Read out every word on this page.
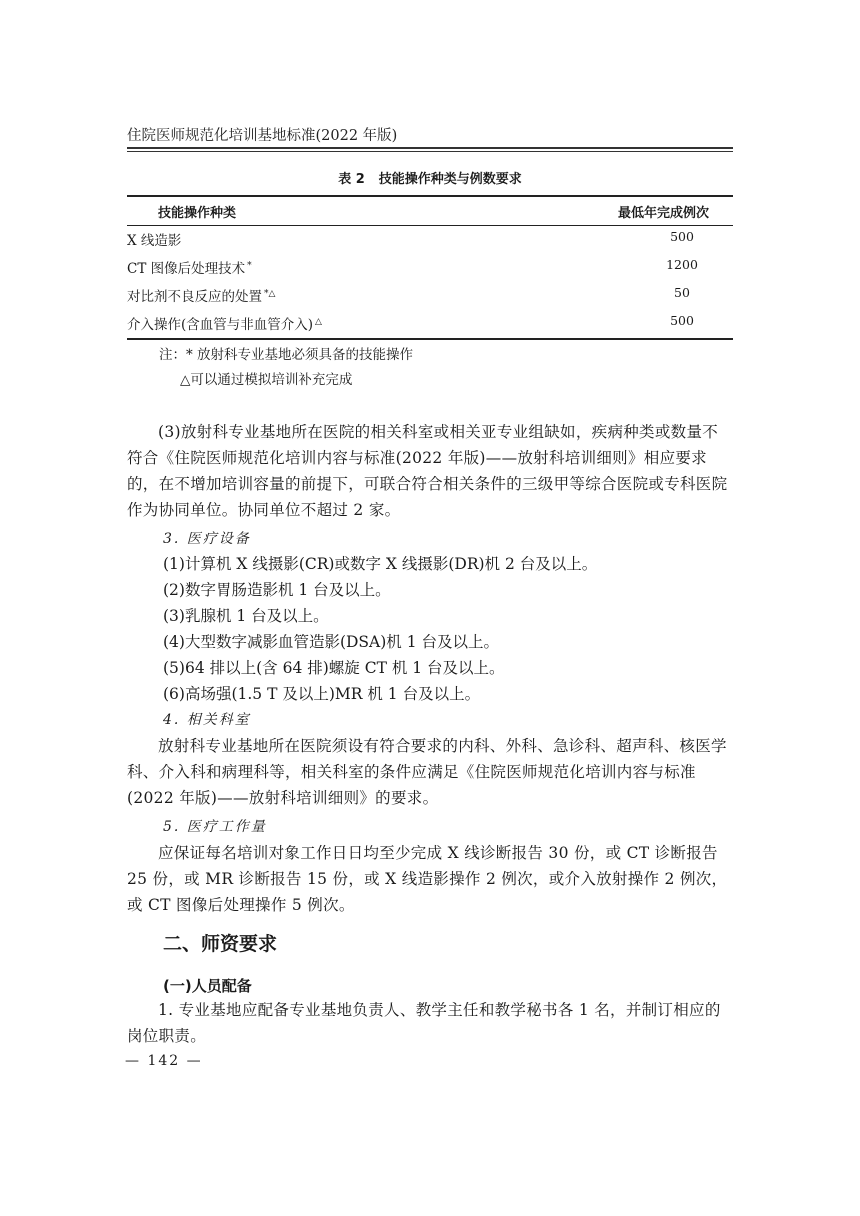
住院医师规范化培训基地标准(2022 年版)
表 2 技能操作种类与例数要求
技能操作种类	最低年完成例次
X 线造影	500
CT 图像后处理技术 *	1200
对比剂不良反应的处置 *△	50
介入操作(含血管与非血管介入) △	500
注：* 放射科专业基地必须具备的技能操作
△可以通过模拟培训补充完成

(3)放射科专业基地所在医院的相关科室或相关亚专业组缺如，疾病种类或数量不符合《住院医师规范化培训内容与标准(2022 年版)——放射科培训细则》相应要求的，在不增加培训容量的前提下，可联合符合相关条件的三级甲等综合医院或专科医院作为协同单位。协同单位不超过 2 家。

3. 医疗设备
(1)计算机 X 线摄影(CR)或数字 X 线摄影(DR)机 2 台及以上。
(2)数字胃肠造影机 1 台及以上。
(3)乳腺机 1 台及以上。
(4)大型数字减影血管造影(DSA)机 1 台及以上。
(5)64 排以上(含 64 排)螺旋 CT 机 1 台及以上。
(6)高场强(1.5 T 及以上)MR 机 1 台及以上。
4. 相关科室

放射科专业基地所在医院须设有符合要求的内科、外科、急诊科、超声科、核医学科、介入科和病理科等，相关科室的条件应满足《住院医师规范化培训内容与标准(2022 年版)——放射科培训细则》的要求。

5. 医疗工作量

应保证每名培训对象工作日日均至少完成 X 线诊断报告 30 份，或 CT 诊断报告 25 份，或 MR 诊断报告 15 份，或 X 线造影操作 2 例次，或介入放射操作 2 例次，或 CT 图像后处理操作 5 例次。

二、师资要求
(一)人员配备

1. 专业基地应配备专业基地负责人、教学主任和教学秘书各 1 名，并制订相应的岗位职责。

— 142 —
